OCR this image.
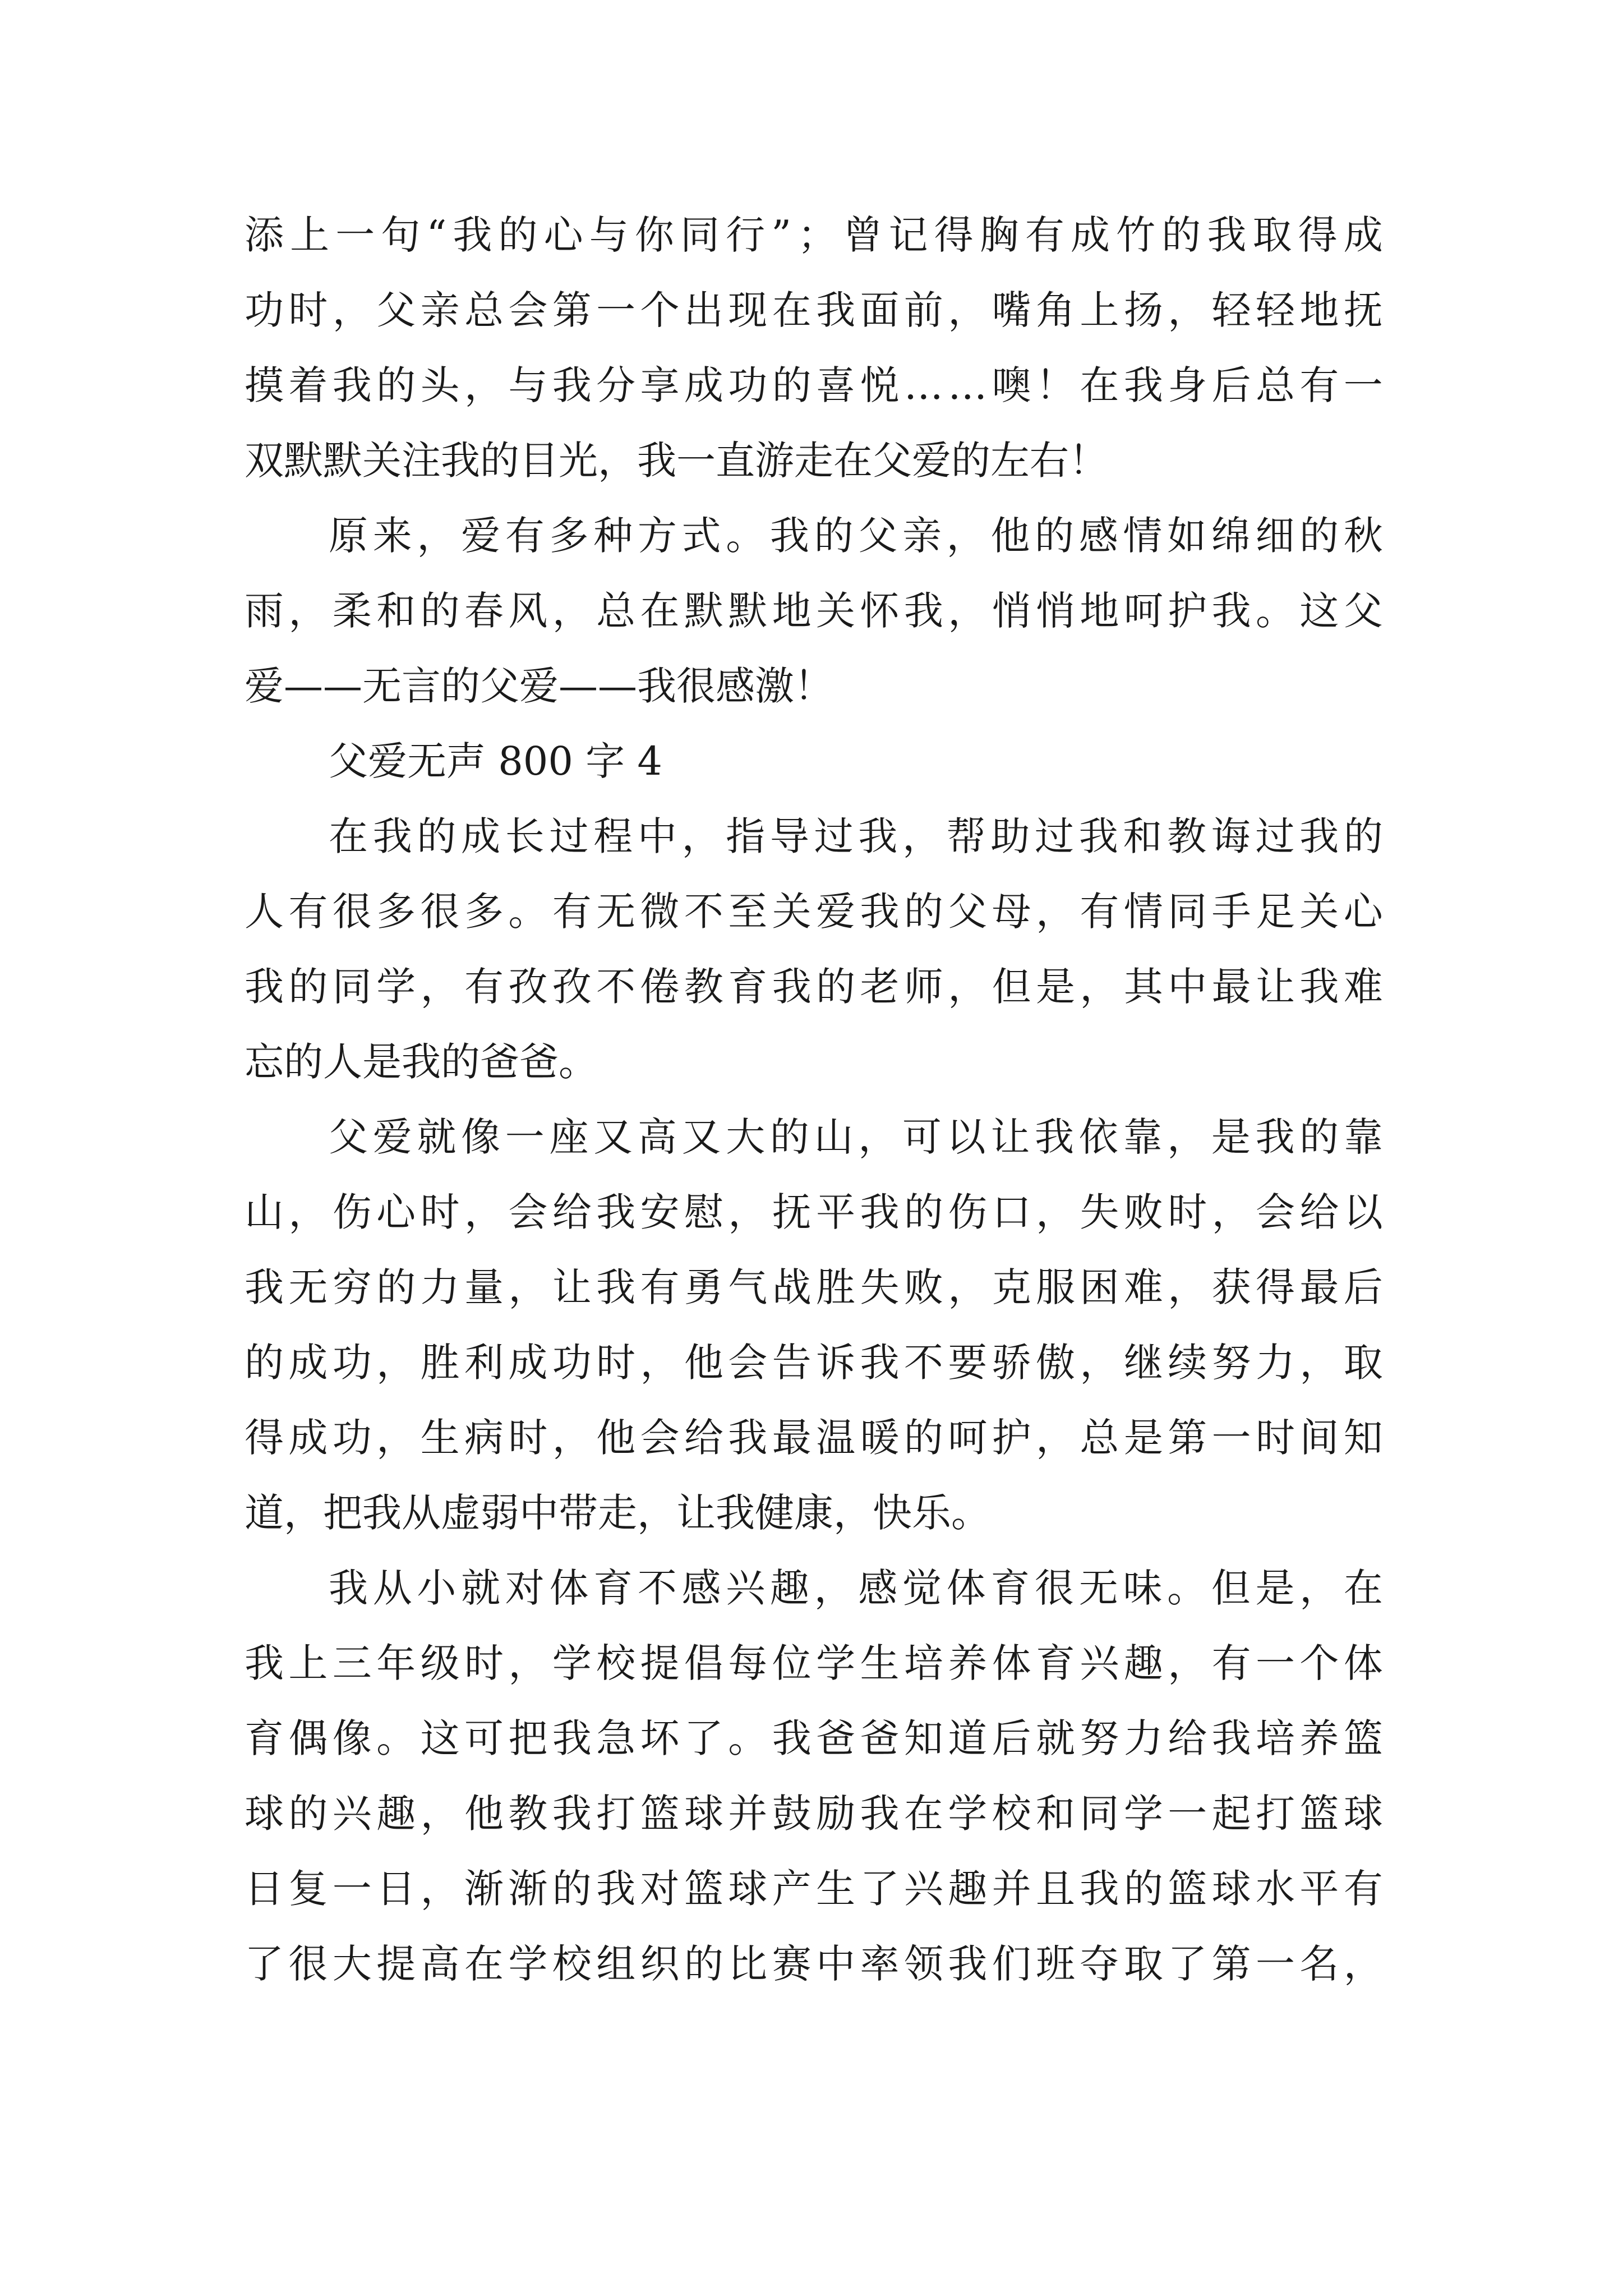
添 上 一 句 “ 我 的 心 与 你 同 行 ” ； 曾 记 得 胸 有 成 竹 的 我 取 得 成
功 时 ， 父 亲 总 会 第 一 个 出 现 在 我 面 前 ， 嘴 角 上 扬 ， 轻 轻 地 抚
摸 着 我 的 头 ， 与 我 分 享 成 功 的 喜 悦 … … 噢 ！ 在 我 身 后 总 有 一
双默默关注我的目光，我一直游走在父爱的左右！
原 来 ， 爱 有 多 种 方 式 。 我 的 父 亲 ， 他 的 感 情 如 绵 细 的 秋
雨 ， 柔 和 的 春 风 ， 总 在 默 默 地 关 怀 我 ， 悄 悄 地 呵 护 我 。 这 父
爱——无言的父爱——我很感激！
父爱无声 800 字 4
在 我 的 成 长 过 程 中 ， 指 导 过 我 ， 帮 助 过 我 和 教 诲 过 我 的
人 有 很 多 很 多 。 有 无 微 不 至 关 爱 我 的 父 母 ， 有 情 同 手 足 关 心
我 的 同 学 ， 有 孜 孜 不 倦 教 育 我 的 老 师 ， 但 是 ， 其 中 最 让 我 难
忘的人是我的爸爸。
父 爱 就 像 一 座 又 高 又 大 的 山 ， 可 以 让 我 依 靠 ， 是 我 的 靠
山 ， 伤 心 时 ， 会 给 我 安 慰 ， 抚 平 我 的 伤 口 ， 失 败 时 ， 会 给 以
我 无 穷 的 力 量 ， 让 我 有 勇 气 战 胜 失 败 ， 克 服 困 难 ， 获 得 最 后
的 成 功 ， 胜 利 成 功 时 ， 他 会 告 诉 我 不 要 骄 傲 ， 继 续 努 力 ， 取
得 成 功 ， 生 病 时 ， 他 会 给 我 最 温 暖 的 呵 护 ， 总 是 第 一 时 间 知
道，把我从虚弱中带走，让我健康，快乐。
我 从 小 就 对 体 育 不 感 兴 趣 ， 感 觉 体 育 很 无 味 。 但 是 ， 在
我 上 三 年 级 时 ， 学 校 提 倡 每 位 学 生 培 养 体 育 兴 趣 ， 有 一 个 体
育 偶 像 。 这 可 把 我 急 坏 了 。 我 爸 爸 知 道 后 就 努 力 给 我 培 养 篮
球 的 兴 趣 ， 他 教 我 打 篮 球 并 鼓 励 我 在 学 校 和 同 学 一 起 打 篮 球
日 复 一 日 ， 渐 渐 的 我 对 篮 球 产 生 了 兴 趣 并 且 我 的 篮 球 水 平 有
了 很 大 提 高 在 学 校 组 织 的 比 赛 中 率 领 我 们 班 夺 取 了 第 一 名 ，
